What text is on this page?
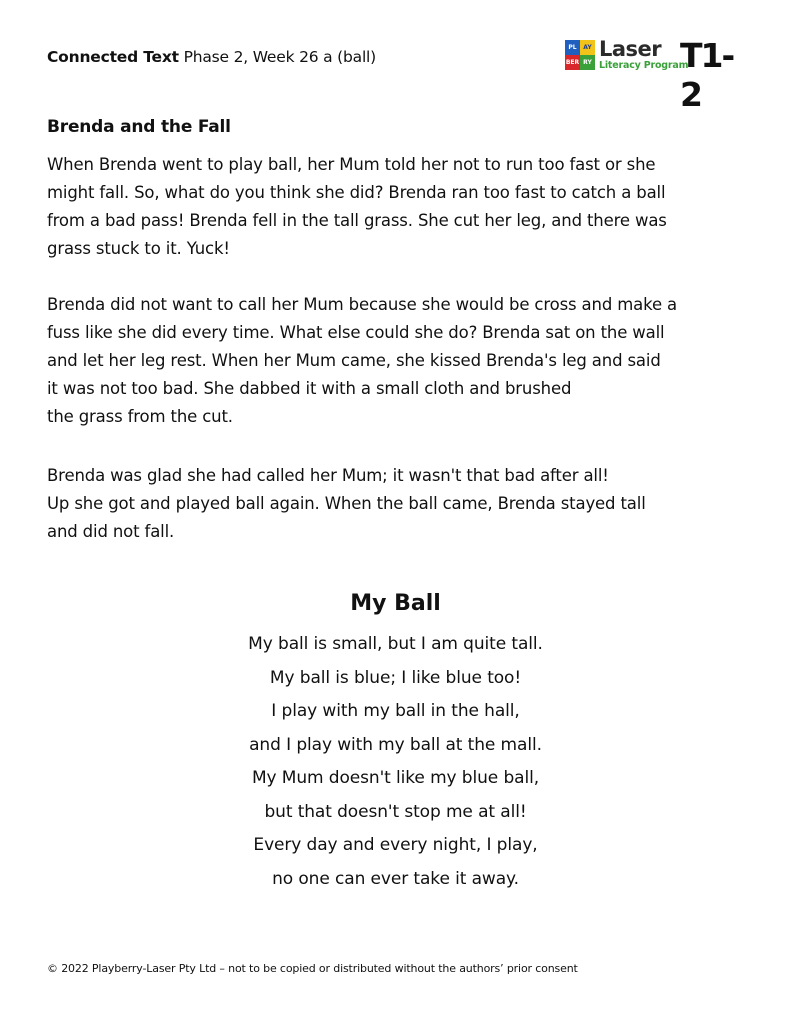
Connected Text Phase 2, Week 26 a (ball)
PL	AY
BER RY
Laser
Literacy Program
T1-2
Brenda and the Fall
When Brenda went to play ball, her Mum told her not to run too fast or she
might fall. So, what do you think she did? Brenda ran too fast to catch a ball
from a bad pass! Brenda fell in the tall grass. She cut her leg, and there was
grass stuck to it. Yuck!
Brenda did not want to call her Mum because she would be cross and make a
fuss like she did every time. What else could she do? Brenda sat on the wall
and let her leg rest. When her Mum came, she kissed Brenda's leg and said
it was not too bad. She dabbed it with a small cloth and brushed
the grass from the cut.
Brenda was glad she had called her Mum; it wasn't that bad after all!
Up she got and played ball again. When the ball came, Brenda stayed tall
and did not fall.
My Ball
My ball is small, but I am quite tall.
My ball is blue; I like blue too!
I play with my ball in the hall,
and I play with my ball at the mall.
My Mum doesn't like my blue ball,
but that doesn't stop me at all!
Every day and every night, I play,
no one can ever take it away.
© 2022 Playberry-Laser Pty Ltd – not to be copied or distributed without the authors’ prior consent
